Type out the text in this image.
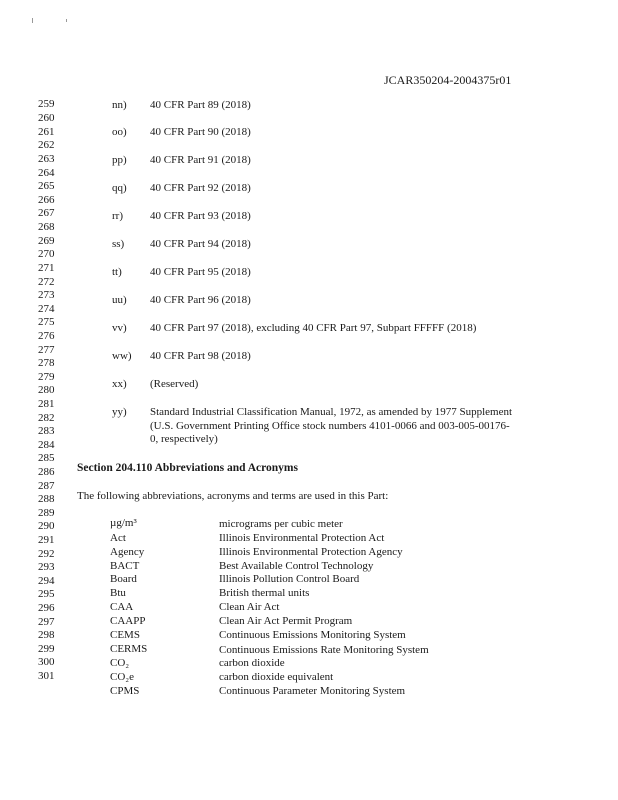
JCAR350204-2004375r01
259
260
261
262
263
264
265
266
267
268
269
270
271
272
273
274
275
276
277
278
279
280
281
282
283
284
285
286
287
288
289
290
291
292
293
294
295
296
297
298
299
300
301
nn) 40 CFR Part 89 (2018)
oo) 40 CFR Part 90 (2018)
pp) 40 CFR Part 91 (2018)
qq) 40 CFR Part 92 (2018)
rr) 40 CFR Part 93 (2018)
ss) 40 CFR Part 94 (2018)
tt)	40 CFR Part 95 (2018)
uu) 40 CFR Part 96 (2018)
vv) 40 CFR Part 97 (2018), excluding 40 CFR Part 97, Subpart FFFFF (2018)
ww) 40 CFR Part 98 (2018)
xx) (Reserved)
yy) Standard Industrial Classification Manual, 1972, as amended by 1977 Supplement
(U.S. Government Printing Office stock numbers 4101-0066 and 003-005-00176-
0, respectively)
Section 204.110 Abbreviations and Acronyms
The following abbreviations, acronyms and terms are used in this Part:
µg/m³	micrograms per cubic meter
Act	Illinois Environmental Protection Act
Agency	Illinois Environmental Protection Agency
BACT	Best Available Control Technology
Board	Illinois Pollution Control Board
Btu	British thermal units
CAA	Clean Air Act
CAAPP	Clean Air Act Permit Program
CEMS	Continuous Emissions Monitoring System
CERMS	Continuous Emissions Rate Monitoring System
CO₂	carbon dioxide
CO₂e	carbon dioxide equivalent
CPMS	Continuous Parameter Monitoring System
